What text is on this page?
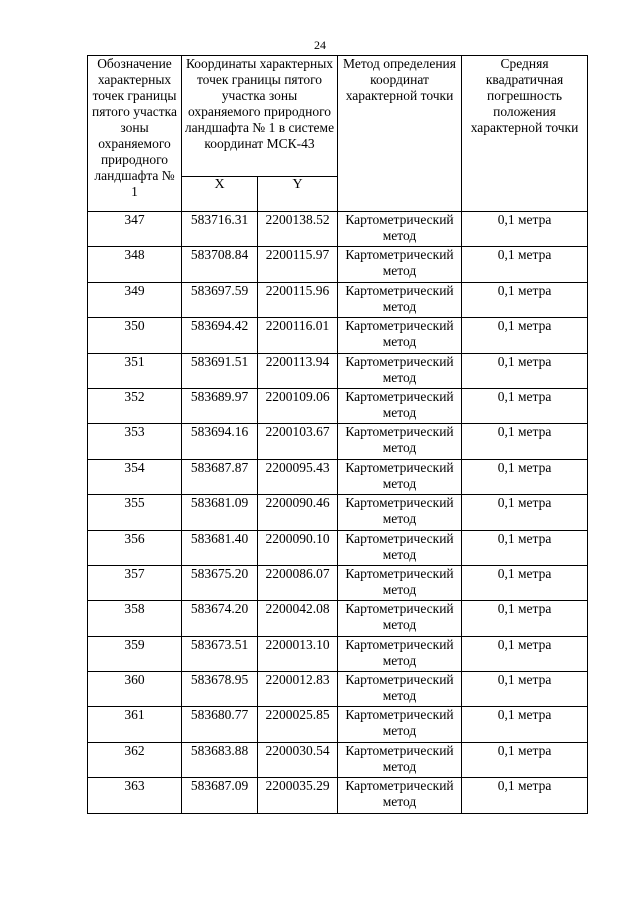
24
Обозначение характерных точек границы пятого участка зоны охраняемого природного ландшафта № 1	Координаты характерных точек границы пятого участка зоны охраняемого природного ландшафта № 1 в системе координат МСК-43		Метод определения координат характерной точки	Средняя квадратичная погрешность положения характерной точки
	X	Y		
347	583716.31	2200138.52	Картометрический метод	0,1 метра
348	583708.84	2200115.97	Картометрический метод	0,1 метра
349	583697.59	2200115.96	Картометрический метод	0,1 метра
350	583694.42	2200116.01	Картометрический метод	0,1 метра
351	583691.51	2200113.94	Картометрический метод	0,1 метра
352	583689.97	2200109.06	Картометрический метод	0,1 метра
353	583694.16	2200103.67	Картометрический метод	0,1 метра
354	583687.87	2200095.43	Картометрический метод	0,1 метра
355	583681.09	2200090.46	Картометрический метод	0,1 метра
356	583681.40	2200090.10	Картометрический метод	0,1 метра
357	583675.20	2200086.07	Картометрический метод	0,1 метра
358	583674.20	2200042.08	Картометрический метод	0,1 метра
359	583673.51	2200013.10	Картометрический метод	0,1 метра
360	583678.95	2200012.83	Картометрический метод	0,1 метра
361	583680.77	2200025.85	Картометрический метод	0,1 метра
362	583683.88	2200030.54	Картометрический метод	0,1 метра
363	583687.09	2200035.29	Картометрический метод	0,1 метра
